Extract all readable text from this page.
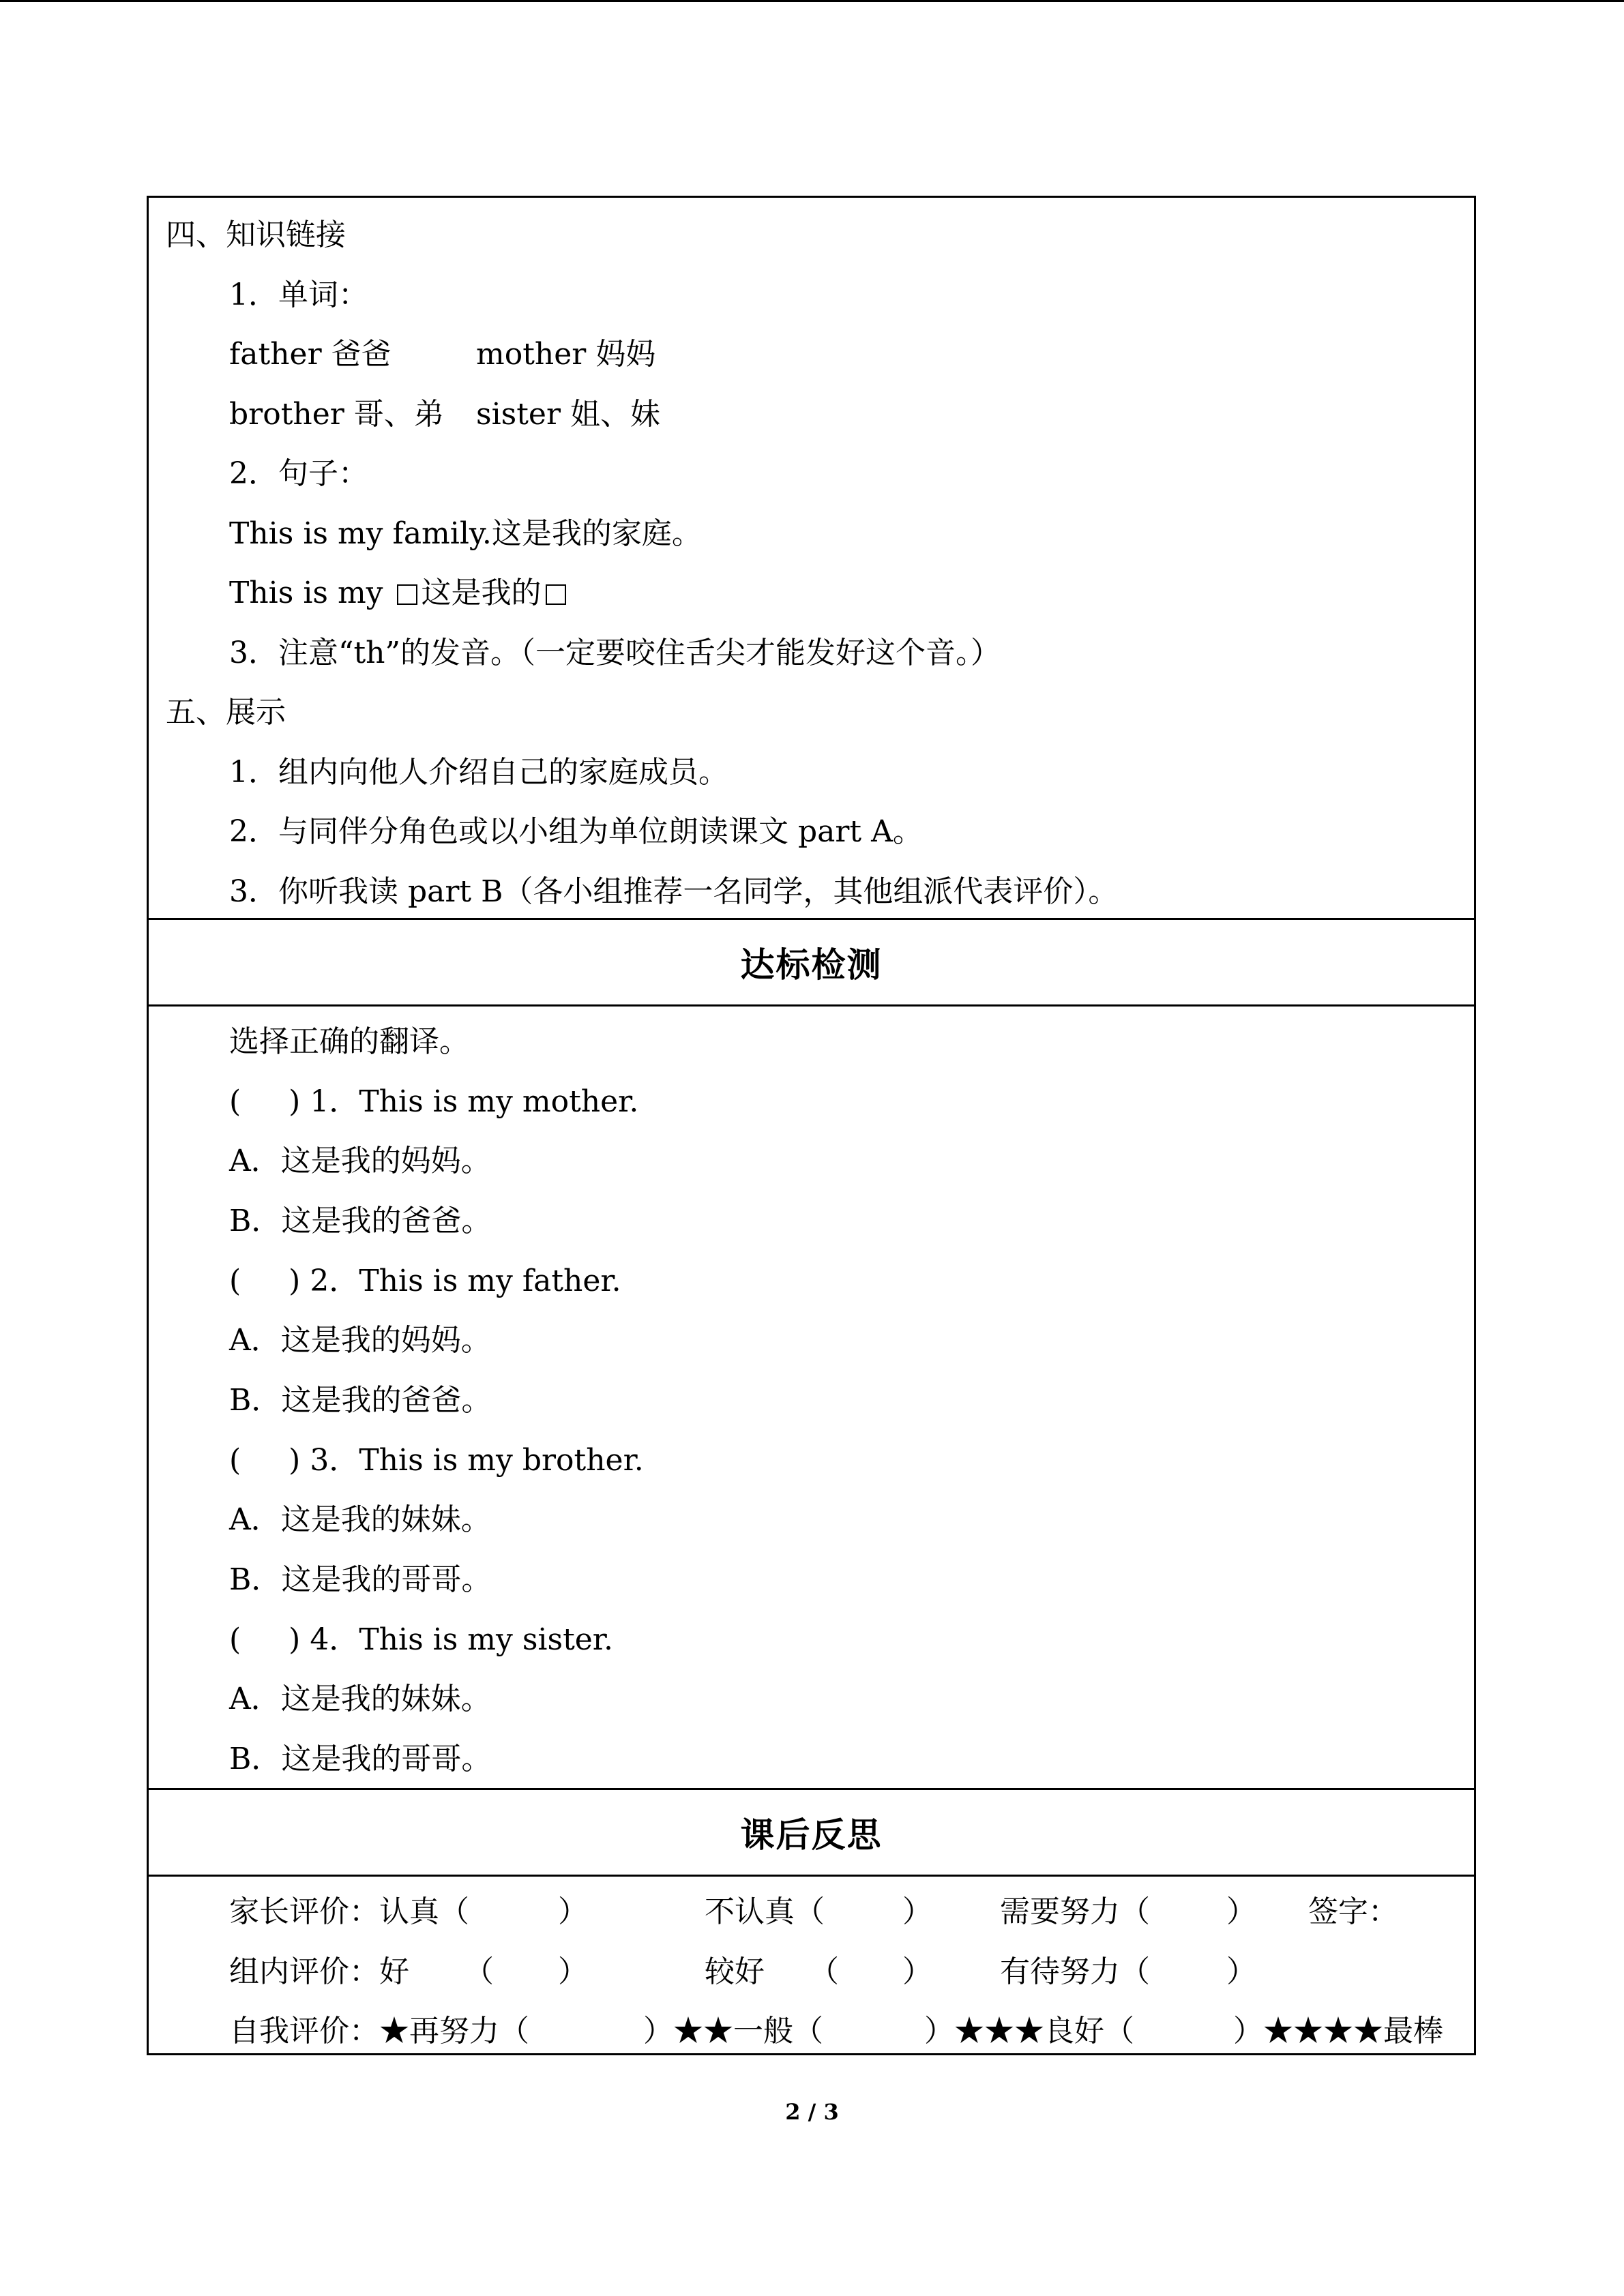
四、知识链接
1．单词：
father 爸爸	mother 妈妈
brother 哥、弟 sister 姐、妹
2．句子：
This is my family.这是我的家庭。
This is my 这是我的
3．注意“th”的发音。（一定要咬住舌尖才能发好这个音。）
五、展示
1．组内向他人介绍自己的家庭成员。
2．与同伴分角色或以小组为单位朗读课文 part A。
3．你听我读 part B（各小组推荐一名同学，其他组派代表评价）。
达标检测
选择正确的翻译。
( ) 1．This is my mother.
A．这是我的妈妈。
B．这是我的爸爸。
( ) 2．This is my father.
A．这是我的妈妈。
B．这是我的爸爸。
( ) 3．This is my brother.
A．这是我的妹妹。
B．这是我的哥哥。
( ) 4．This is my sister.
A．这是我的妹妹。
B．这是我的哥哥。
课后反思
家长评价：认真（	）	不认真（	） 需要努力（	） 签字：
组内评价：好 （ ）	较好 （ ） 有待努力（	）
自我评价：★再努力（	）★★一般（	）★★★良好（	）★★★★最棒
2 / 3
